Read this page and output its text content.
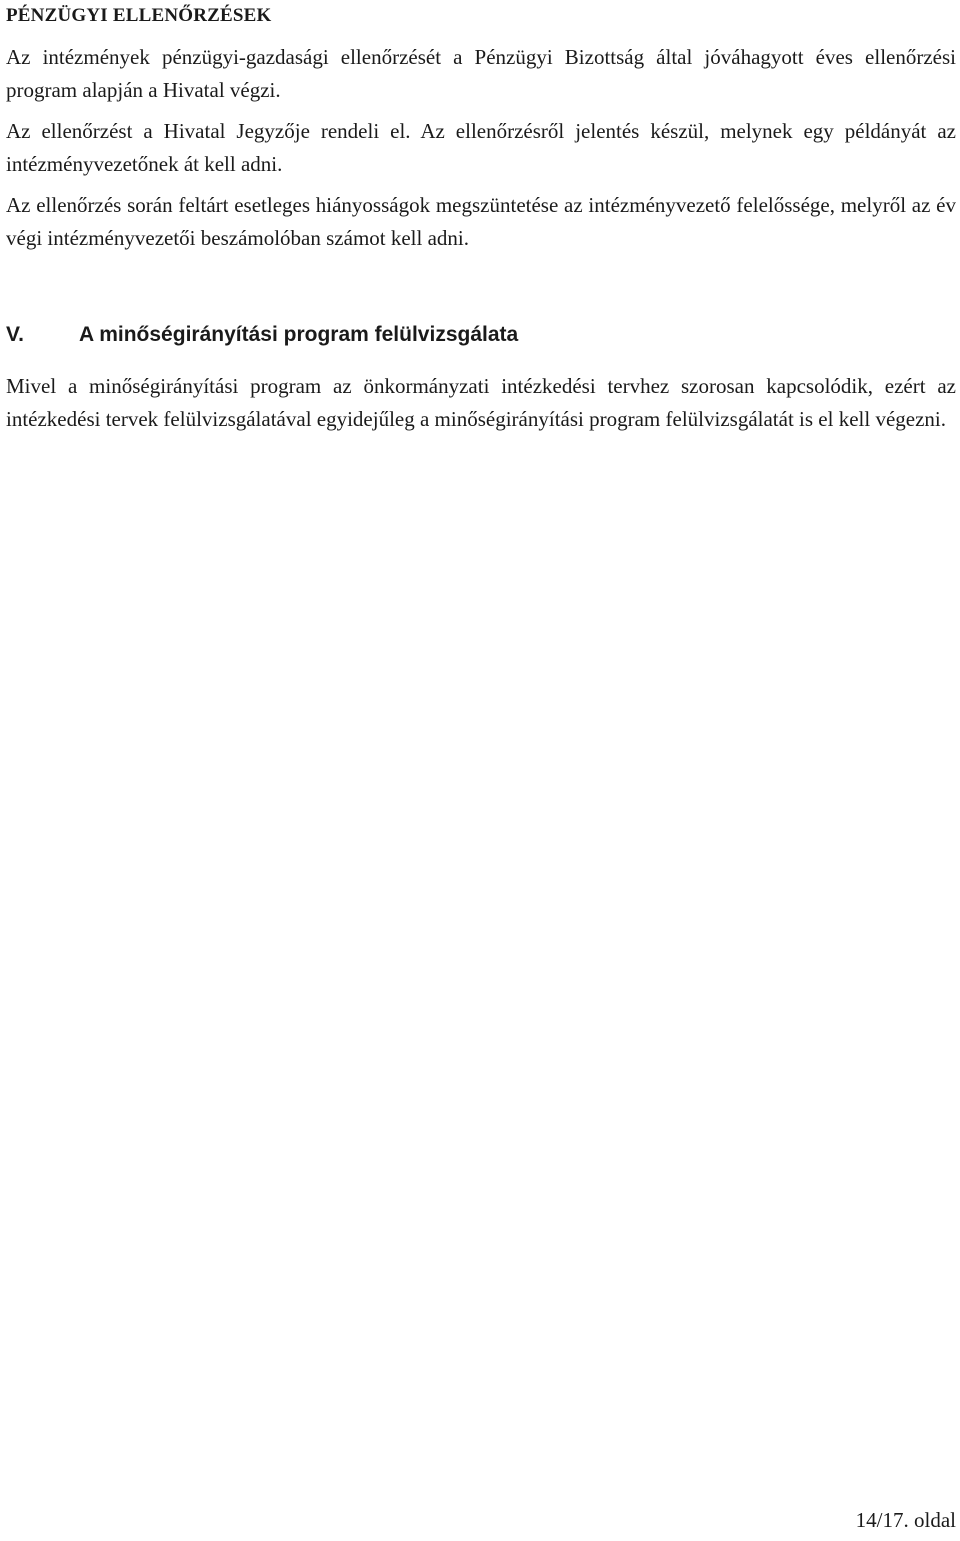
PÉNZÜGYI ELLENŐRZÉSEK

Az intézmények pénzügyi-gazdasági ellenőrzését a Pénzügyi Bizottság által jóváhagyott éves ellenőrzési program alapján a Hivatal végzi.

Az ellenőrzést a Hivatal Jegyzője rendeli el. Az ellenőrzésről jelentés készül, melynek egy példányát az intézményvezetőnek át kell adni.

Az ellenőrzés során feltárt esetleges hiányosságok megszüntetése az intézményvezető felelőssége, melyről az év végi intézményvezetői beszámolóban számot kell adni.

V.	A minőségirányítási program felülvizsgálata

Mivel a minőségirányítási program az önkormányzati intézkedési tervhez szorosan kapcsolódik, ezért az intézkedési tervek felülvizsgálatával egyidejűleg a minőségirányítási program felülvizsgálatát is el kell végezni.

14/17. oldal
